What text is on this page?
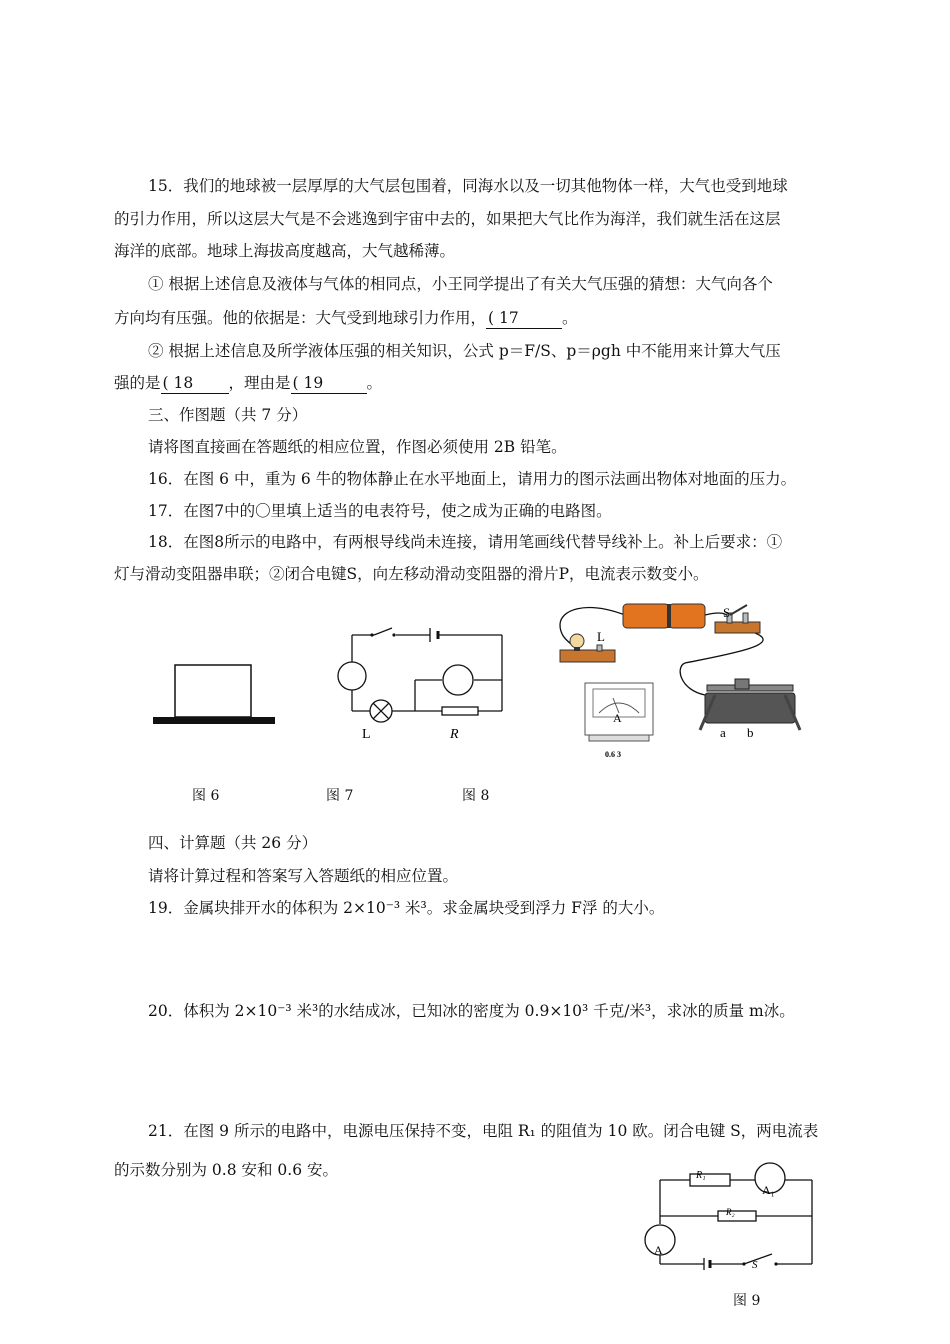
15．我们的地球被一层厚厚的大气层包围着，同海水以及一切其他物体一样，大气也受到地球
的引力作用，所以这层大气是不会逃逸到宇宙中去的，如果把大气比作为海洋，我们就生活在这层
海洋的底部。地球上海拔高度越高，大气越稀薄。
① 根据上述信息及液体与气体的相同点，小王同学提出了有关大气压强的猜想：大气向各个
方向均有压强。他的依据是：大气受到地球引力作用， ( 17	。
② 根据上述信息及所学液体压强的相关知识，公式 p＝F/S、p＝ρgh 中不能用来计算大气压
强的是 ( 18 ，理由是 ( 19	。
三、作图题（共 7 分）
请将图直接画在答题纸的相应位置，作图必须使用 2B 铅笔。
16．在图 6 中，重为 6 牛的物体静止在水平地面上，请用力的图示法画出物体对地面的压力。
17．在图7中的〇里填上适当的电表符号，使之成为正确的电路图。
18．在图8所示的电路中，有两根导线尚未连接，请用笔画线代替导线补上。补上后要求：①
灯与滑动变阻器串联；②闭合电键S，向左移动滑动变阻器的滑片P，电流表示数变小。
L	R
S
L
A
0.6 3
a b
图 6	图 7	图 8
四、计算题（共 26 分）
请将计算过程和答案写入答题纸的相应位置。
19．金属块排开水的体积为 2×10⁻³ 米³。求金属块受到浮力 F浮 的大小。
20．体积为 2×10⁻³ 米³的水结成冰，已知冰的密度为 0.9×10³ 千克/米³，求冰的质量 m冰。
21．在图 9 所示的电路中，电源电压保持不变，电阻 R₁ 的阻值为 10 欧。闭合电键 S，两电流表
的示数分别为 0.8 安和 0.6 安。	R₁
R₂
A₁
A
S
图 9
